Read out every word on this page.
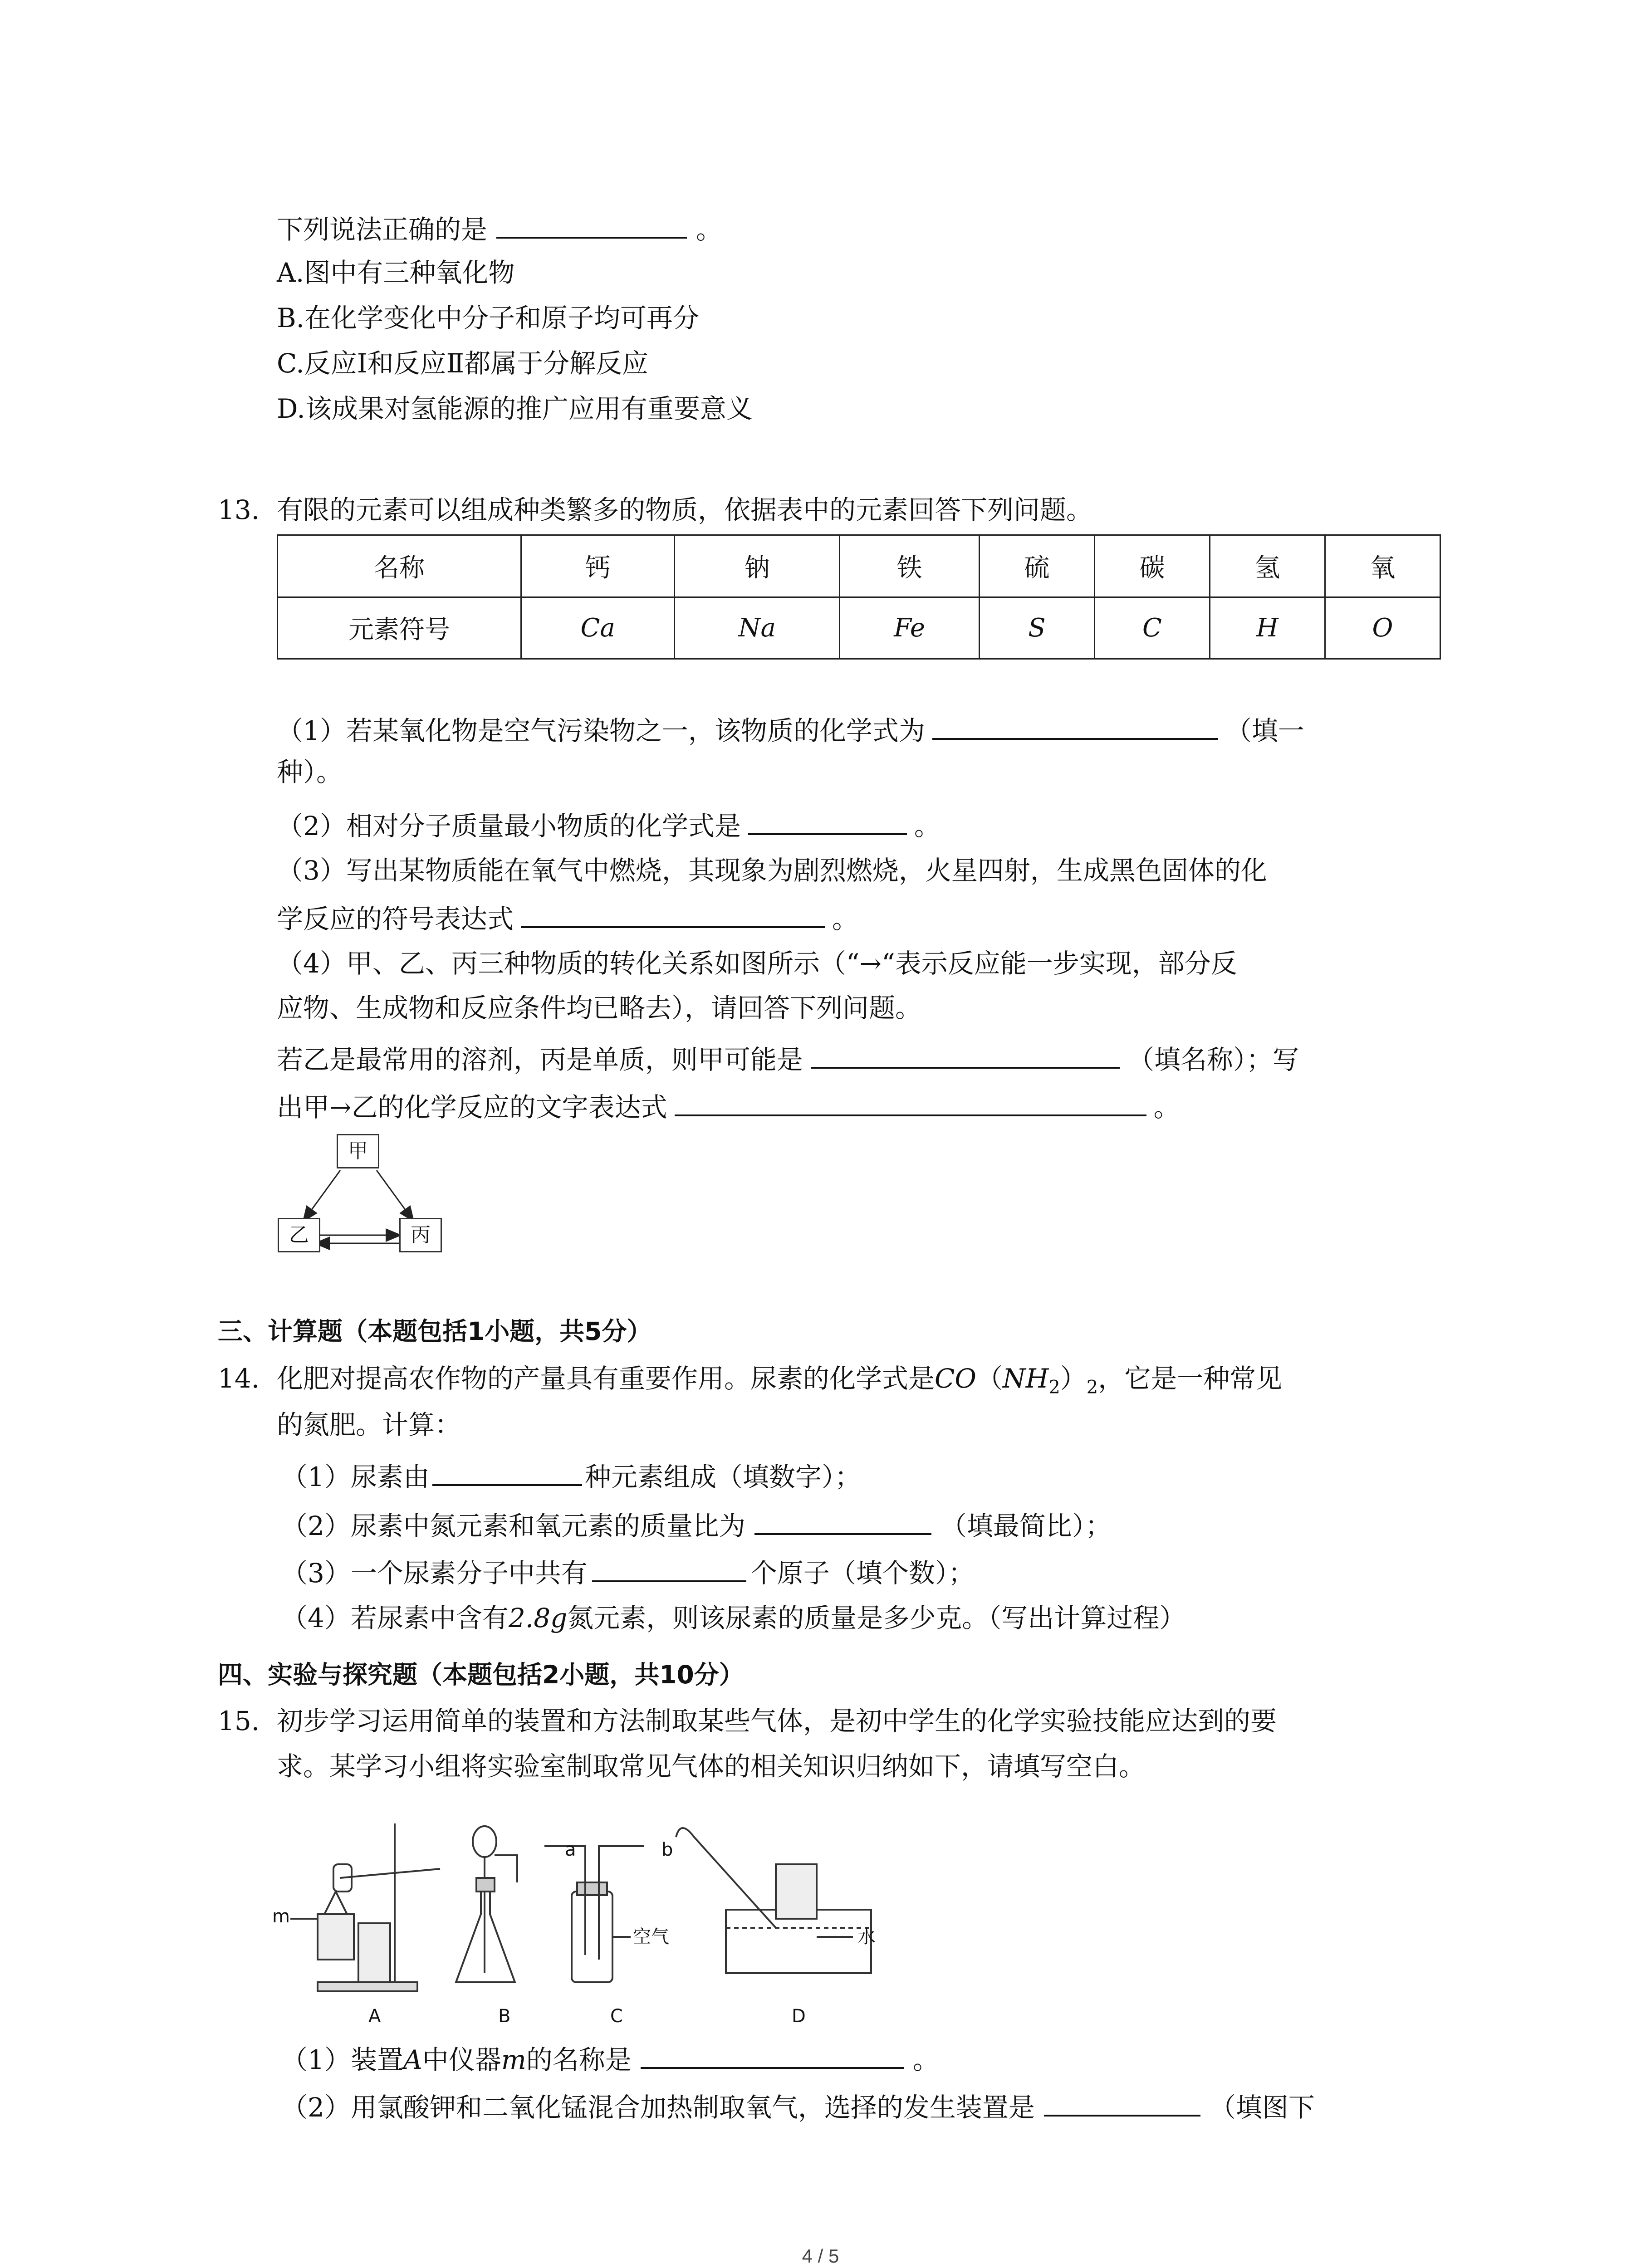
下列说法正确的是	。
A.图中有三种氧化物
B.在化学变化中分子和原子均可再分
C.反应Ⅰ和反应Ⅱ都属于分解反应
D.该成果对氢能源的推广应用有重要意义
13. 有限的元素可以组成种类繁多的物质，依据表中的元素回答下列问题。
名称	钙	钠	铁	硫	碳	氢	氧
元素符号	Ca	Na	Fe	S	C	H	O
（1）若某氧化物是空气污染物之一，该物质的化学式为	（填一
种）。
（2）相对分子质量最小物质的化学式是	。
（3）写出某物质能在氧气中燃烧，其现象为剧烈燃烧，火星四射，生成黑色固体的化
学反应的符号表达式	。
（4）甲、乙、丙三种物质的转化关系如图所示（“→“表示反应能一步实现，部分反
应物、生成物和反应条件均已略去），请回答下列问题。
若乙是最常用的溶剂，丙是单质，则甲可能是	（填名称）；写
出甲→乙的化学反应的文字表达式	。
甲
乙	丙
三、计算题（本题包括1小题，共5分）
14. 化肥对提高农作物的产量具有重要作用。尿素的化学式是$CO(NH_2)_2$，它是一种常见
的氮肥。计算：
（1）尿素由	种元素组成（填数字）；
（2）尿素中氮元素和氧元素的质量比为	（填最简比）；
（3）一个尿素分子中共有	个原子（填个数）；
（4）若尿素中含有2.8g氮元素，则该尿素的质量是多少克。（写出计算过程）
四、实验与探究题（本题包括2小题，共10分）
15. 初步学习运用简单的装置和方法制取某些气体，是初中学生的化学实验技能应达到的要
求。某学习小组将实验室制取常见气体的相关知识归纳如下，请填写空白。
m
a	b
空气	水
A	B	C	D
（1）装置A中仪器m的名称是	。
（2）用氯酸钾和二氧化锰混合加热制取氧气，选择的发生装置是	（填图下
4 / 5
